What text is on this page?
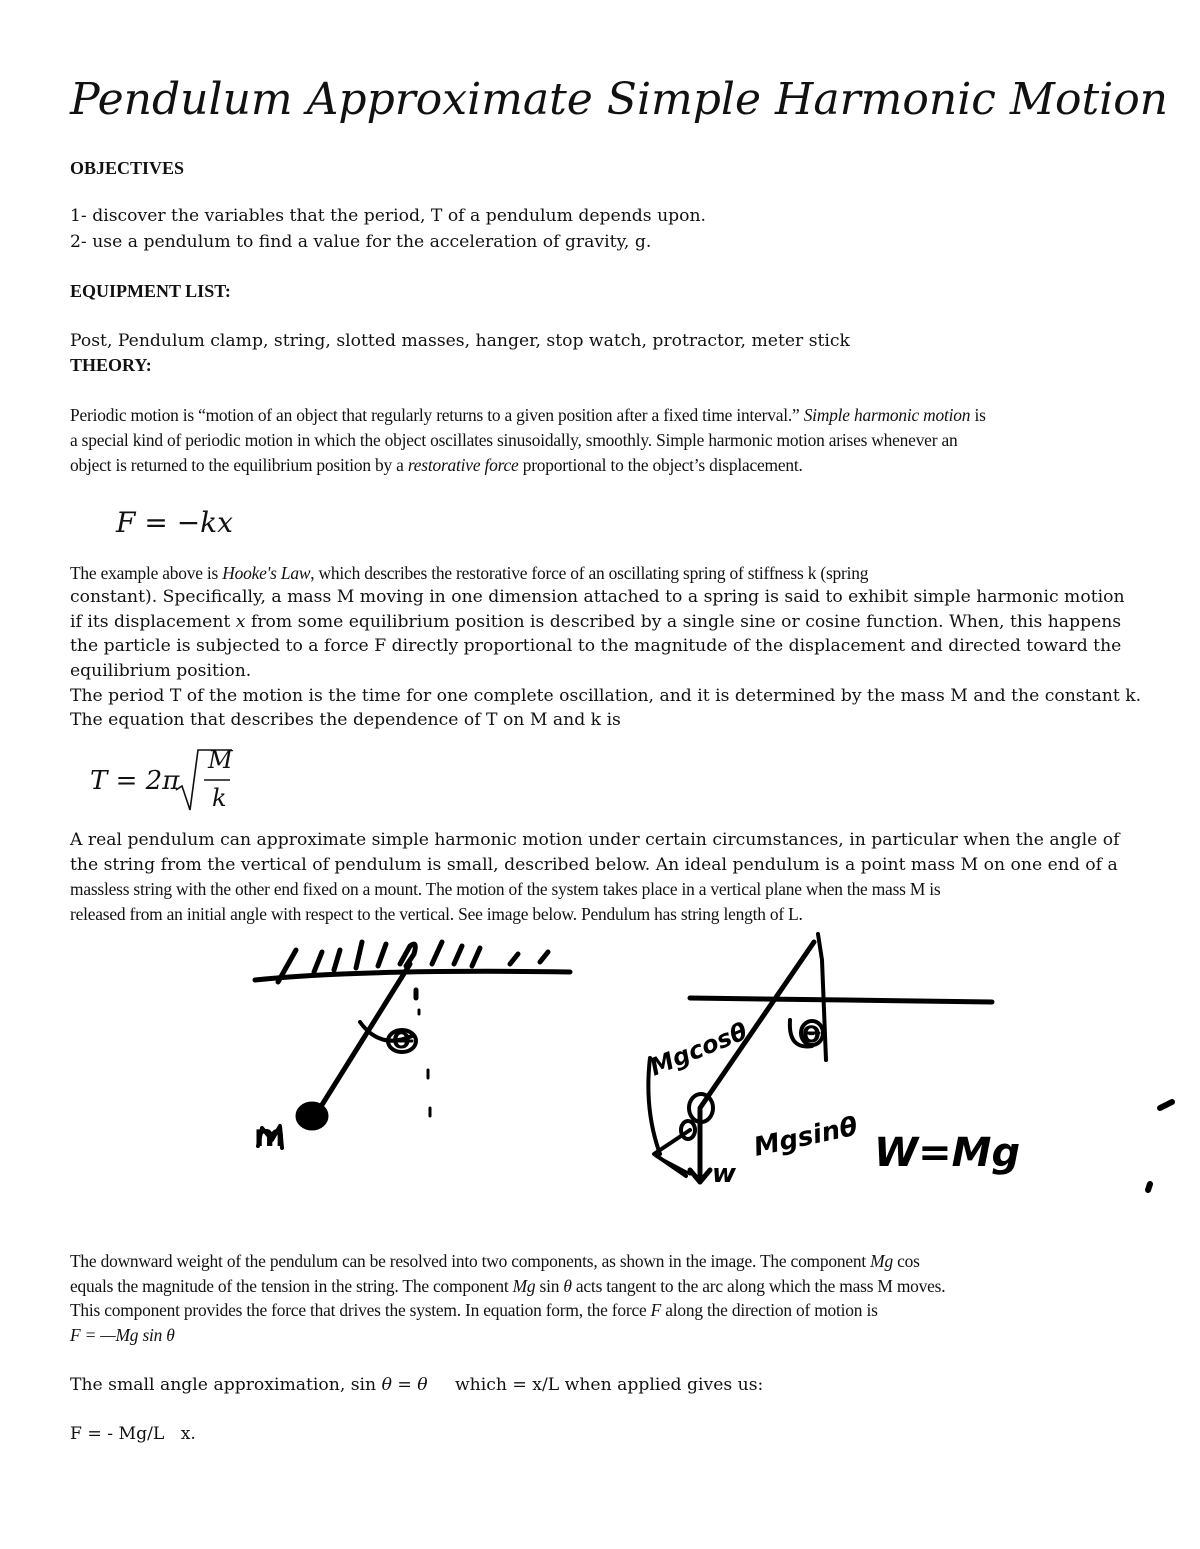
Pendulum Approximate Simple Harmonic Motion
OBJECTIVES
1- discover the variables that the period, T of a pendulum depends upon.
2- use a pendulum to find a value for the acceleration of gravity, g.
EQUIPMENT LIST:
Post, Pendulum clamp, string, slotted masses, hanger, stop watch, protractor, meter stick
THEORY:
Periodic motion is “motion of an object that regularly returns to a given position after a fixed time interval.” Simple harmonic motion is
a special kind of periodic motion in which the object oscillates sinusoidally, smoothly. Simple harmonic motion arises whenever an
object is returned to the equilibrium position by a restorative force proportional to the object’s displacement.
F = −kx
The example above is Hooke's Law, which describes the restorative force of an oscillating spring of stiffness k (spring
constant). Specifically, a mass M moving in one dimension attached to a spring is said to exhibit simple harmonic motion
if its displacement x from some equilibrium position is described by a single sine or cosine function. When, this happens
the particle is subjected to a force F directly proportional to the magnitude of the displacement and directed toward the
equilibrium position.
The period T of the motion is the time for one complete oscillation, and it is determined by the mass M and the constant k.
The equation that describes the dependence of T on M and k is
T = 2π
M
k
A real pendulum can approximate simple harmonic motion under certain circumstances, in particular when the angle of
the string from the vertical of pendulum is small, described below. An ideal pendulum is a point mass M on one end of a
massless string with the other end fixed on a mount. The motion of the system takes place in a vertical plane when the mass M is
released from an initial angle with respect to the vertical. See image below. Pendulum has string length of L.
Θ
m
Θ
Mgcosθ
Mgsinθ
w	W=Mg
The downward weight of the pendulum can be resolved into two components, as shown in the image. The component Mg cos
equals the magnitude of the tension in the string. The component Mg sin θ acts tangent to the arc along which the mass M moves.
This component provides the force that drives the system. In equation form, the force F along the direction of motion is
F = —Mg sin θ
The small angle approximation, sin θ = θ     which = x/L when applied gives us:
F = - Mg/L   x.
